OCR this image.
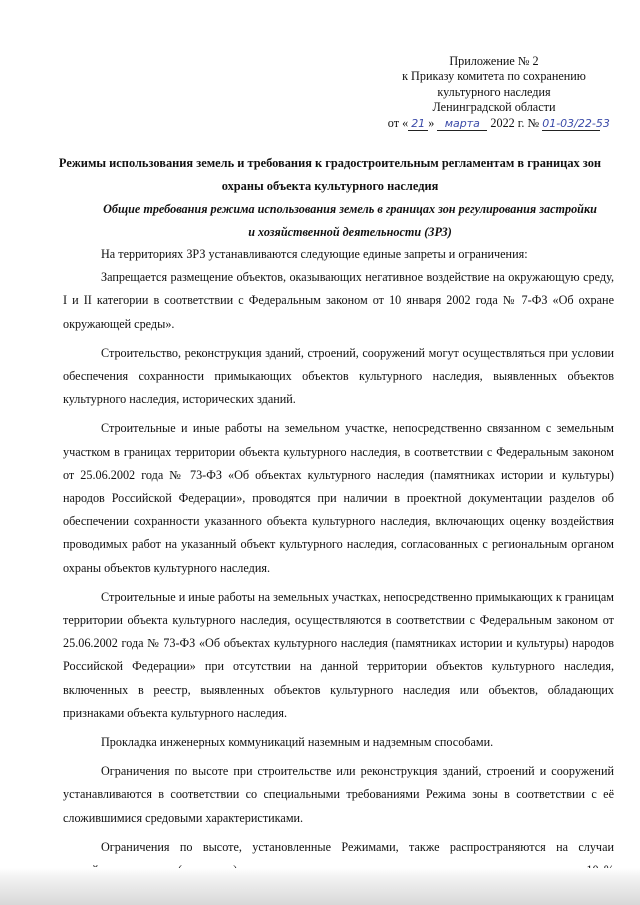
Приложение № 2
к Приказу комитета по сохранению
культурного наследия
Ленинградской области
от « 21 » марта 2022 г. № 01-03/22-53
Режимы использования земель и требования к градостроительным регламентам в границах зон охраны объекта культурного наследия
Общие требования режима использования земель в границах зон регулирования застройки и хозяйственной деятельности (ЗРЗ)

На территориях ЗРЗ устанавливаются следующие единые запреты и ограничения:

Запрещается размещение объектов, оказывающих негативное воздействие на окружающую среду, I и II категории в соответствии с Федеральным законом от 10 января 2002 года № 7-ФЗ «Об охране окружающей среды».

Строительство, реконструкция зданий, строений, сооружений могут осуществляться при условии обеспечения сохранности примыкающих объектов культурного наследия, выявленных объектов культурного наследия, исторических зданий.

Строительные и иные работы на земельном участке, непосредственно связанном с земельным участком в границах территории объекта культурного наследия, в соответствии с Федеральным законом от 25.06.2002 года № 73-ФЗ «Об объектах культурного наследия (памятниках истории и культуры) народов Российской Федерации», проводятся при наличии в проектной документации разделов об обеспечении сохранности указанного объекта культурного наследия, включающих оценку воздействия проводимых работ на указанный объект культурного наследия, согласованных с региональным органом охраны объектов культурного наследия.

Строительные и иные работы на земельных участках, непосредственно примыкающих к границам территории объекта культурного наследия, осуществляются в соответствии с Федеральным законом от 25.06.2002 года № 73-ФЗ «Об объектах культурного наследия (памятниках истории и культуры) народов Российской Федерации» при отсутствии на данной территории объектов культурного наследия, включенных в реестр, выявленных объектов культурного наследия или объектов, обладающих признаками объекта культурного наследия.

Прокладка инженерных коммуникаций наземным и надземным способами.

Ограничения по высоте при строительстве или реконструкция зданий, строений и сооружений устанавливаются в соответствии со специальными требованиями Режима зоны в соответствии с её сложившимися средовыми характеристиками.

Ограничения по высоте, установленные Режимами, также распространяются на случаи
